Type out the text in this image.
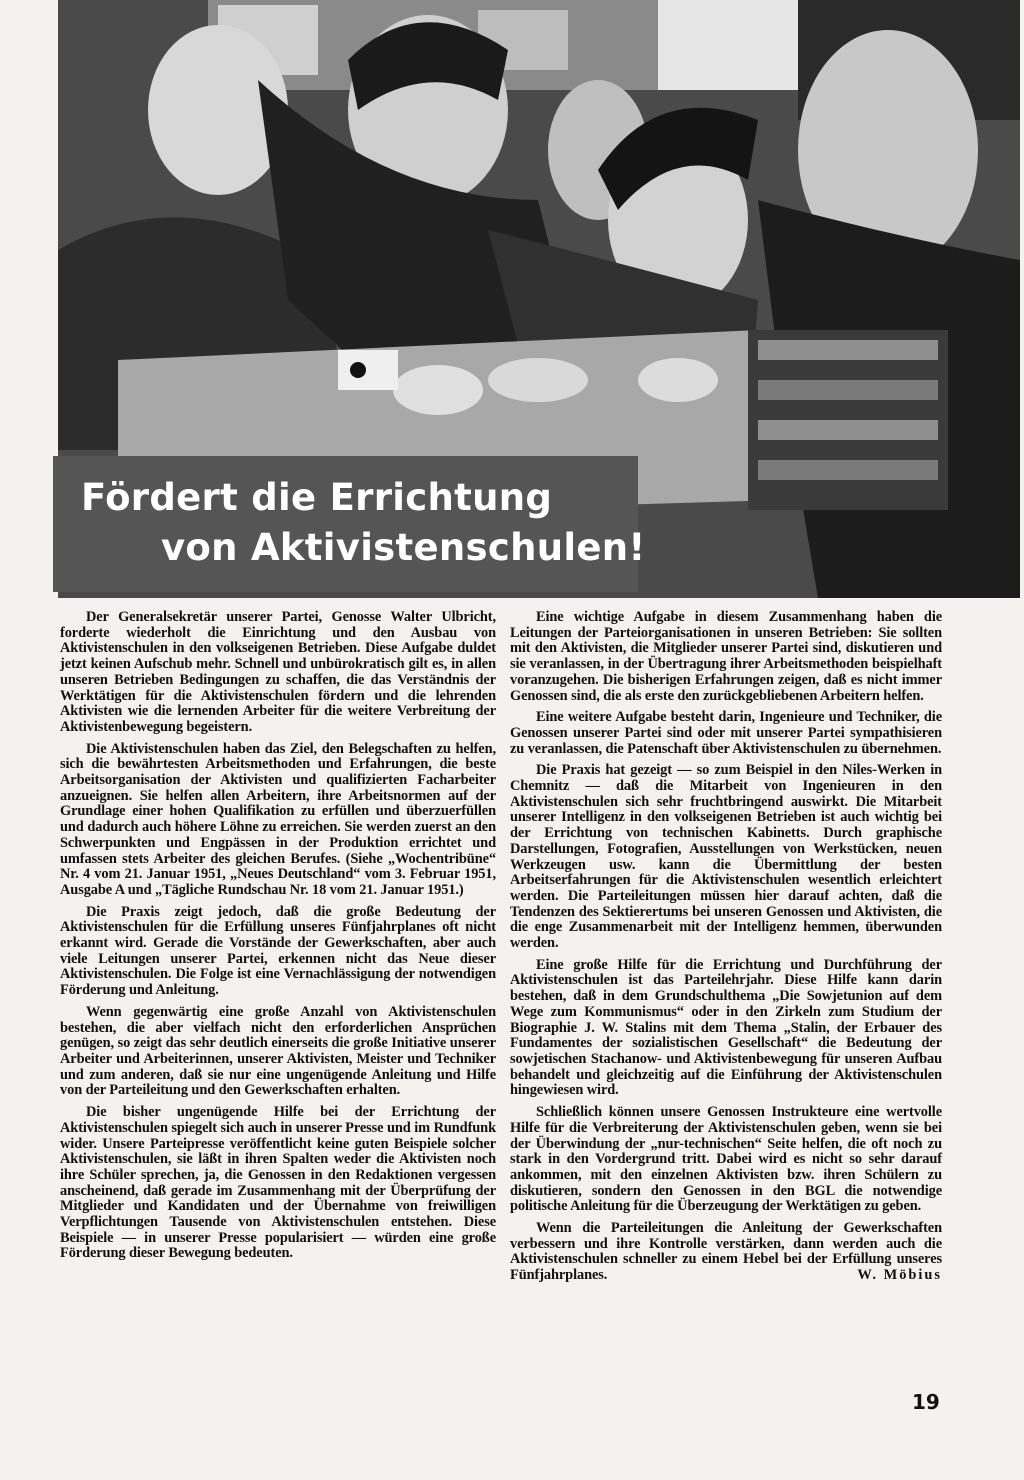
Fördert die Errichtung
von Aktivistenschulen!

Der Generalsekretär unserer Partei, Genosse Walter Ulbricht, forderte wiederholt die Einrichtung und den Ausbau von Aktivistenschulen in den volkseigenen Betrieben. Diese Aufgabe duldet jetzt keinen Aufschub mehr. Schnell und unbürokratisch gilt es, in allen unseren Betrieben Bedingungen zu schaffen, die das Verständnis der Werktätigen für die Aktivistenschulen fördern und die lehrenden Aktivisten wie die lernenden Arbeiter für die weitere Verbreitung der Aktivistenbewegung begeistern.

Die Aktivistenschulen haben das Ziel, den Belegschaften zu helfen, sich die bewährtesten Arbeitsmethoden und Erfahrungen, die beste Arbeitsorganisation der Aktivisten und qualifizierten Facharbeiter anzueignen. Sie helfen allen Arbeitern, ihre Arbeitsnormen auf der Grundlage einer hohen Qualifikation zu erfüllen und überzuerfüllen und dadurch auch höhere Löhne zu erreichen. Sie werden zuerst an den Schwerpunkten und Engpässen in der Produktion errichtet und umfassen stets Arbeiter des gleichen Berufes. (Siehe „Wochentribüne“ Nr. 4 vom 21. Januar 1951, „Neues Deutschland“ vom 3. Februar 1951, Ausgabe A und „Tägliche Rundschau Nr. 18 vom 21. Januar 1951.)

Die Praxis zeigt jedoch, daß die große Bedeutung der Aktivistenschulen für die Erfüllung unseres Fünfjahrplanes oft nicht erkannt wird. Gerade die Vorstände der Gewerkschaften, aber auch viele Leitungen unserer Partei, erkennen nicht das Neue dieser Aktivistenschulen. Die Folge ist eine Vernachlässigung der notwendigen Förderung und Anleitung.

Wenn gegenwärtig eine große Anzahl von Aktivistenschulen bestehen, die aber vielfach nicht den erforderlichen Ansprüchen genügen, so zeigt das sehr deutlich einerseits die große Initiative unserer Arbeiter und Arbeiterinnen, unserer Aktivisten, Meister und Techniker und zum anderen, daß sie nur eine ungenügende Anleitung und Hilfe von der Parteileitung und den Gewerkschaften erhalten.

Die bisher ungenügende Hilfe bei der Errichtung der Aktivistenschulen spiegelt sich auch in unserer Presse und im Rundfunk wider. Unsere Parteipresse veröffentlicht keine guten Beispiele solcher Aktivistenschulen, sie läßt in ihren Spalten weder die Aktivisten noch ihre Schüler sprechen, ja, die Genossen in den Redaktionen vergessen anscheinend, daß gerade im Zusammenhang mit der Überprüfung der Mitglieder und Kandidaten und der Übernahme von freiwilligen Verpflichtungen Tausende von Aktivistenschulen entstehen. Diese Beispiele — in unserer Presse popularisiert — würden eine große Förderung dieser Bewegung bedeuten.

Eine wichtige Aufgabe in diesem Zusammenhang haben die Leitungen der Parteiorganisationen in unseren Betrieben: Sie sollten mit den Aktivisten, die Mitglieder unserer Partei sind, diskutieren und sie veranlassen, in der Übertragung ihrer Arbeitsmethoden beispielhaft voranzugehen. Die bisherigen Erfahrungen zeigen, daß es nicht immer Genossen sind, die als erste den zurückgebliebenen Arbeitern helfen.

Eine weitere Aufgabe besteht darin, Ingenieure und Techniker, die Genossen unserer Partei sind oder mit unserer Partei sympathisieren zu veranlassen, die Patenschaft über Aktivistenschulen zu übernehmen.

Die Praxis hat gezeigt — so zum Beispiel in den Niles-Werken in Chemnitz — daß die Mitarbeit von Ingenieuren in den Aktivistenschulen sich sehr fruchtbringend auswirkt. Die Mitarbeit unserer Intelligenz in den volkseigenen Betrieben ist auch wichtig bei der Errichtung von technischen Kabinetts. Durch graphische Darstellungen, Fotografien, Ausstellungen von Werkstücken, neuen Werkzeugen usw. kann die Übermittlung der besten Arbeitserfahrungen für die Aktivistenschulen wesentlich erleichtert werden. Die Parteileitungen müssen hier darauf achten, daß die Tendenzen des Sektierertums bei unseren Genossen und Aktivisten, die die enge Zusammenarbeit mit der Intelligenz hemmen, überwunden werden.

Eine große Hilfe für die Errichtung und Durchführung der Aktivistenschulen ist das Parteilehrjahr. Diese Hilfe kann darin bestehen, daß in dem Grundschulthema „Die Sowjetunion auf dem Wege zum Kommunismus“ oder in den Zirkeln zum Studium der Biographie J. W. Stalins mit dem Thema „Stalin, der Erbauer des Fundamentes der sozialistischen Gesellschaft“ die Bedeutung der sowjetischen Stachanow- und Aktivistenbewegung für unseren Aufbau behandelt und gleichzeitig auf die Einführung der Aktivistenschulen hingewiesen wird.

Schließlich können unsere Genossen Instrukteure eine wertvolle Hilfe für die Verbreiterung der Aktivistenschulen geben, wenn sie bei der Überwindung der „nur-technischen“ Seite helfen, die oft noch zu stark in den Vordergrund tritt. Dabei wird es nicht so sehr darauf ankommen, mit den einzelnen Aktivisten bzw. ihren Schülern zu diskutieren, sondern den Genossen in den BGL die notwendige politische Anleitung für die Überzeugung der Werktätigen zu geben.

Wenn die Parteileitungen die Anleitung der Gewerkschaften verbessern und ihre Kontrolle verstärken, dann werden auch die Aktivistenschulen schneller zu einem Hebel bei der Erfüllung unseres Fünfjahrplanes.	W. Möbius

19
